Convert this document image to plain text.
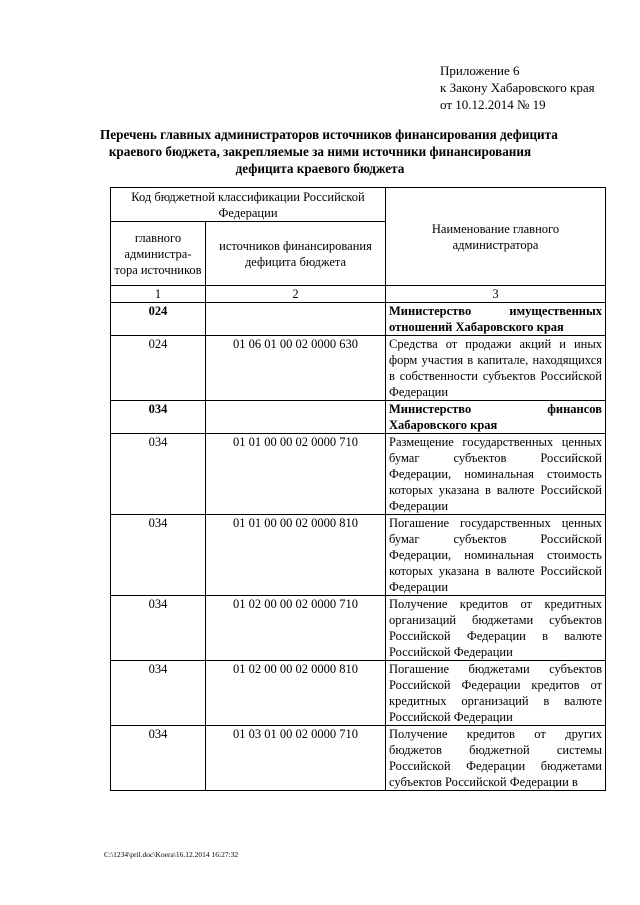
Приложение 6
к Закону Хабаровского края
от 10.12.2014 № 19
Перечень главных администраторов источников финансирования дефицита
краевого бюджета, закрепляемые за ними источники финансирования
дефицита краевого бюджета
Код бюджетной классификации Российской Федерации		Наименование главного администратора
главного администра-тора источников	источников финансирования дефицита бюджета	
1	2	3
024		Министерство имущественных отношений Хабаровского края
024	01 06 01 00 02 0000 630	Средства от продажи акций и иных форм участия в капитале, находящихся в собственности субъектов Российской Федерации
034		Министерство финансов Хабаровского края
034	01 01 00 00 02 0000 710	Размещение государственных ценных бумаг субъектов Российской Федерации, номинальная стоимость которых указана в валюте Российской Федерации
034	01 01 00 00 02 0000 810	Погашение государственных ценных бумаг субъектов Российской Федерации, номинальная стоимость которых указана в валюте Российской Федерации
034	01 02 00 00 02 0000 710	Получение кредитов от кредитных организаций бюджетами субъектов Российской Федерации в валюте Российской Федерации
034	01 02 00 00 02 0000 810	Погашение бюджетами субъектов Российской Федерации кредитов от кредитных организаций в валюте Российской Федерации
034	01 03 01 00 02 0000 710	Получение кредитов от других бюджетов бюджетной системы Российской Федерации бюджетами субъектов Российской Федерации в
C:\1234\pril.doc\Koera\16.12.2014 16:27:32
